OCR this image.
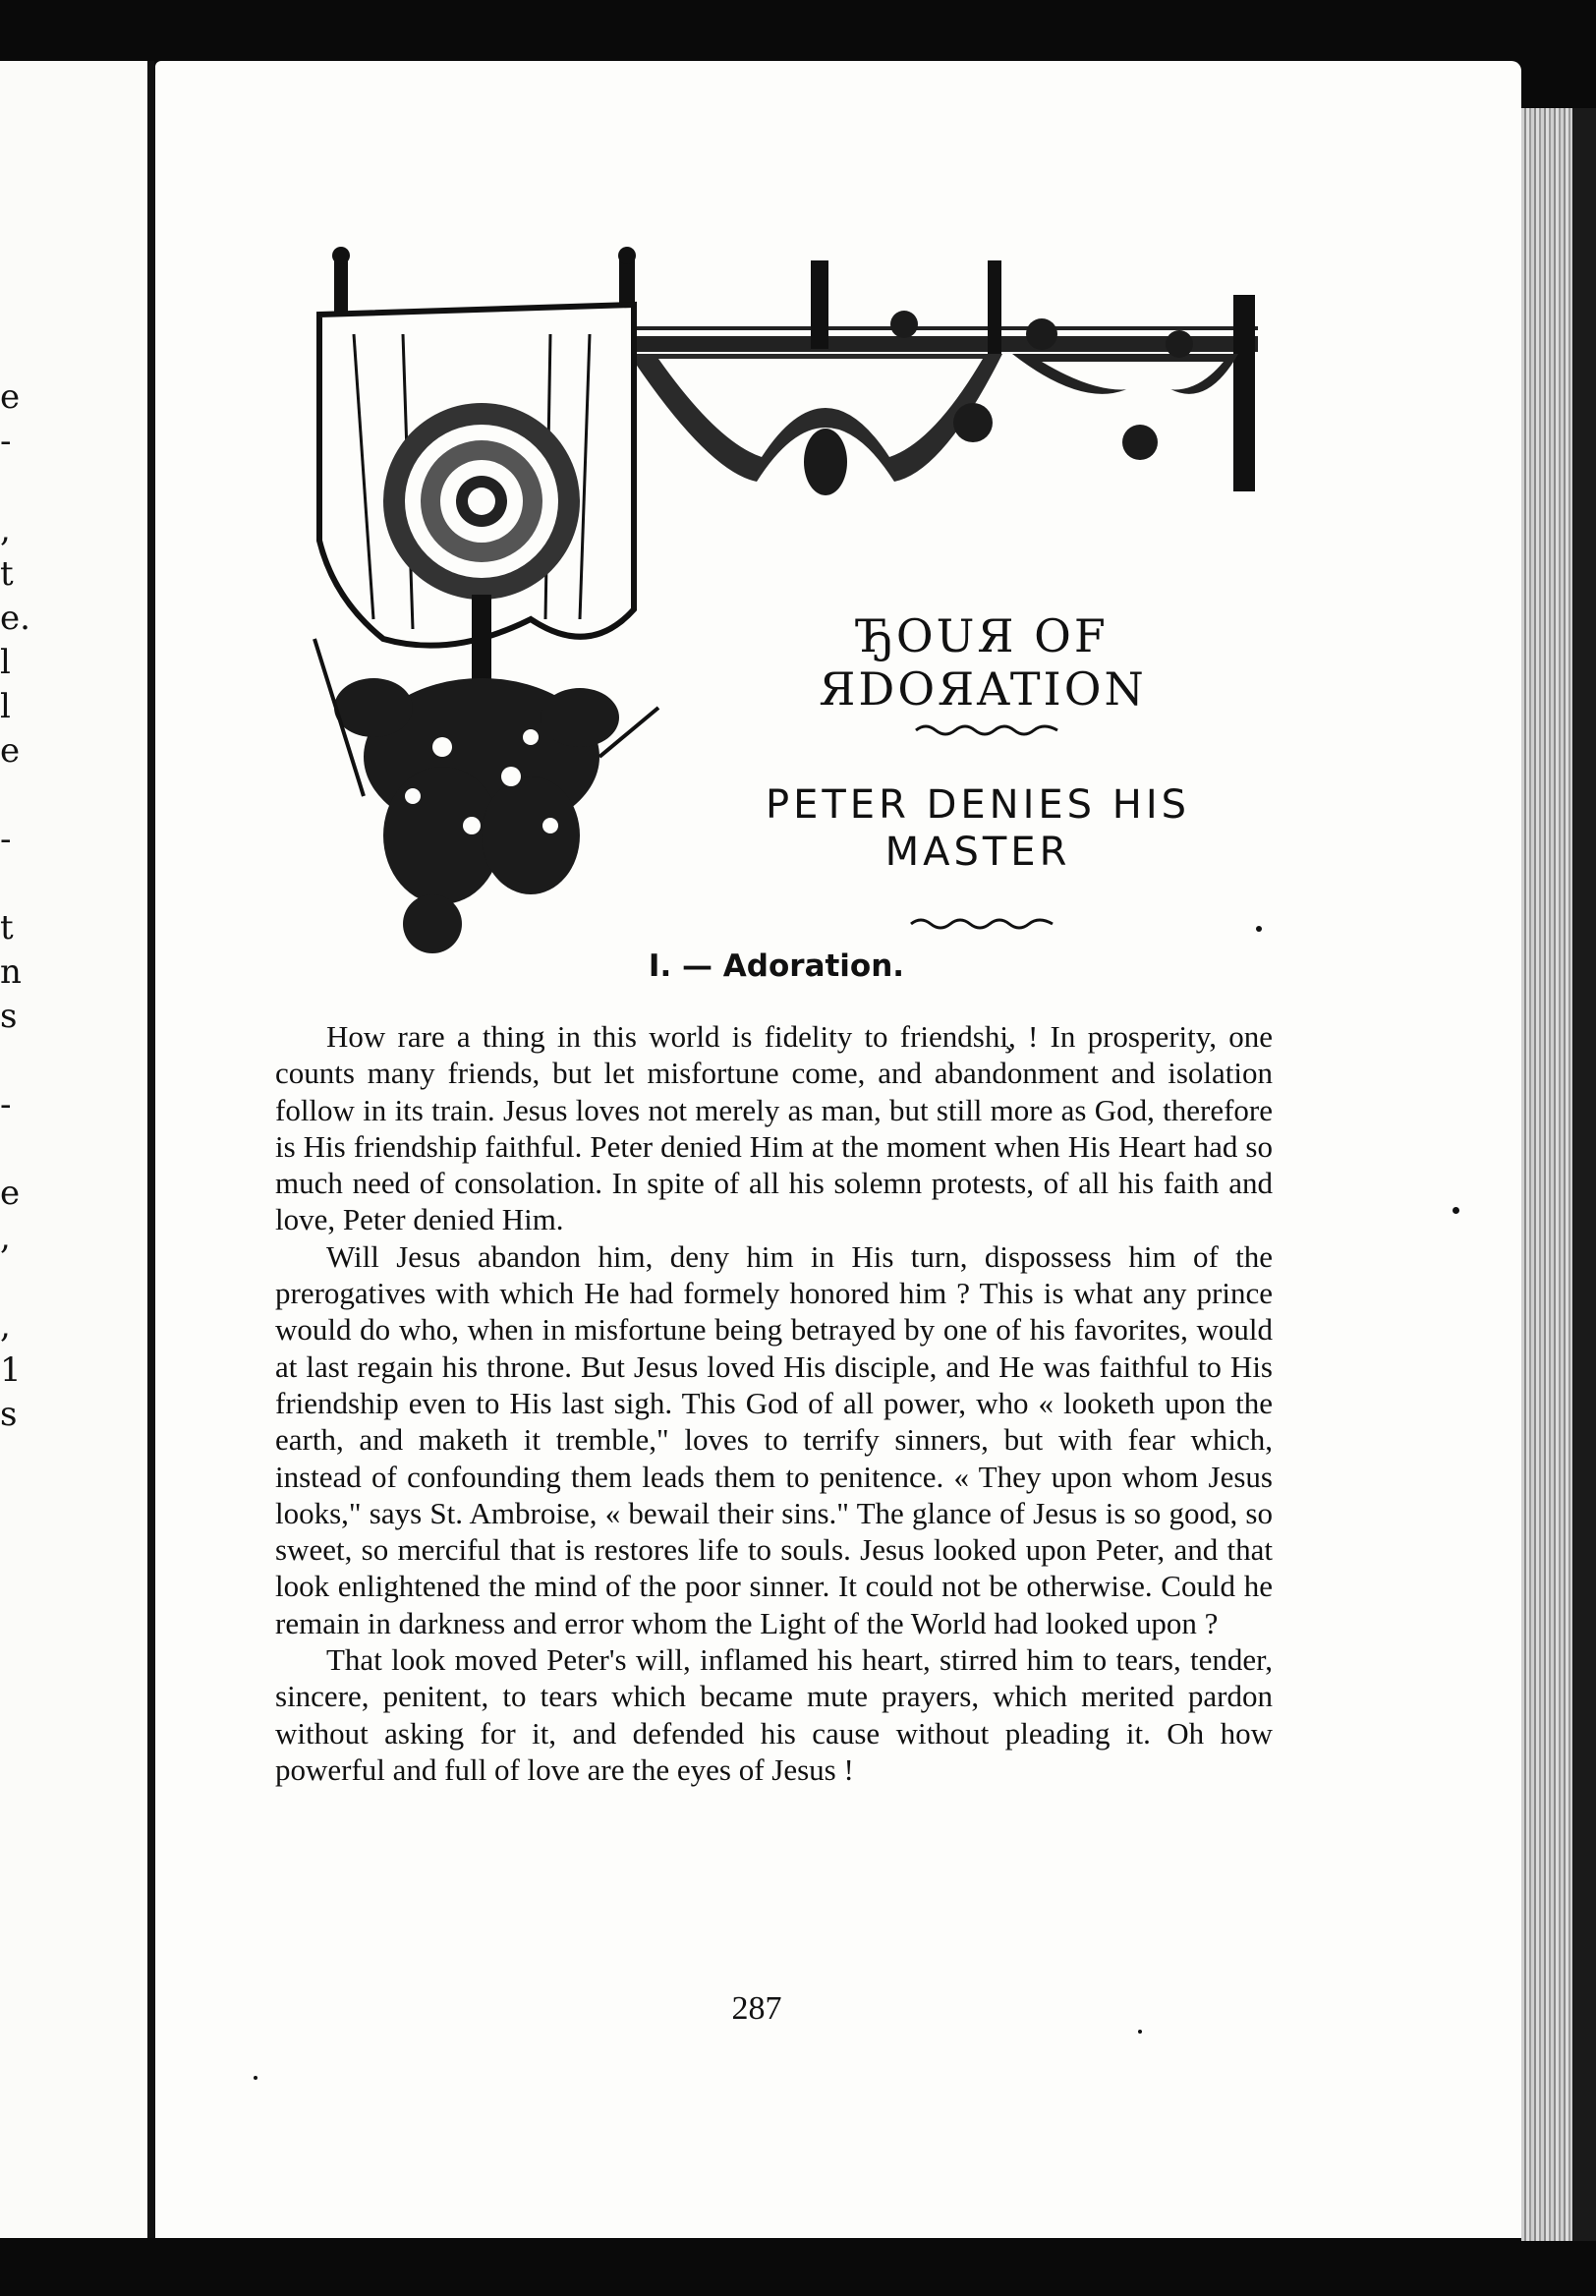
e
-

,
t
e.
l
l
e

-

t
n
s

-

e
,

,
1
s
ЂOUЯ OF ЯDOЯATION
PETER DENIES HIS
MASTER
I. — Adoration.

How rare a thing in this world is fidelity to friendshi̧, ! In prosperity, one counts many friends, but let misfortune come, and abandonment and isolation follow in its train. Jesus loves not merely as man, but still more as God, therefore is His friendship faithful. Peter denied Him at the moment when His Heart had so much need of consolation. In spite of all his solemn protests, of all his faith and love, Peter denied Him.

Will Jesus abandon him, deny him in His turn, dispossess him of the prerogatives with which He had formely honored him ? This is what any prince would do who, when in misfortune being betrayed by one of his favorites, would at last regain his throne. But Jesus loved His disciple, and He was faithful to His friendship even to His last sigh. This God of all power, who « looketh upon the earth, and maketh it tremble," loves to terrify sinners, but with fear which, instead of confounding them leads them to penitence. « They upon whom Jesus looks," says St. Ambroise, « bewail their sins." The glance of Jesus is so good, so sweet, so merciful that is restores life to souls. Jesus looked upon Peter, and that look enlightened the mind of the poor sinner. It could not be otherwise. Could he remain in darkness and error whom the Light of the World had looked upon ?

That look moved Peter's will, inflamed his heart, stirred him to tears, tender, sincere, penitent, to tears which became mute prayers, which merited pardon without asking for it, and defended his cause without pleading it. Oh how powerful and full of love are the eyes of Jesus !

287
